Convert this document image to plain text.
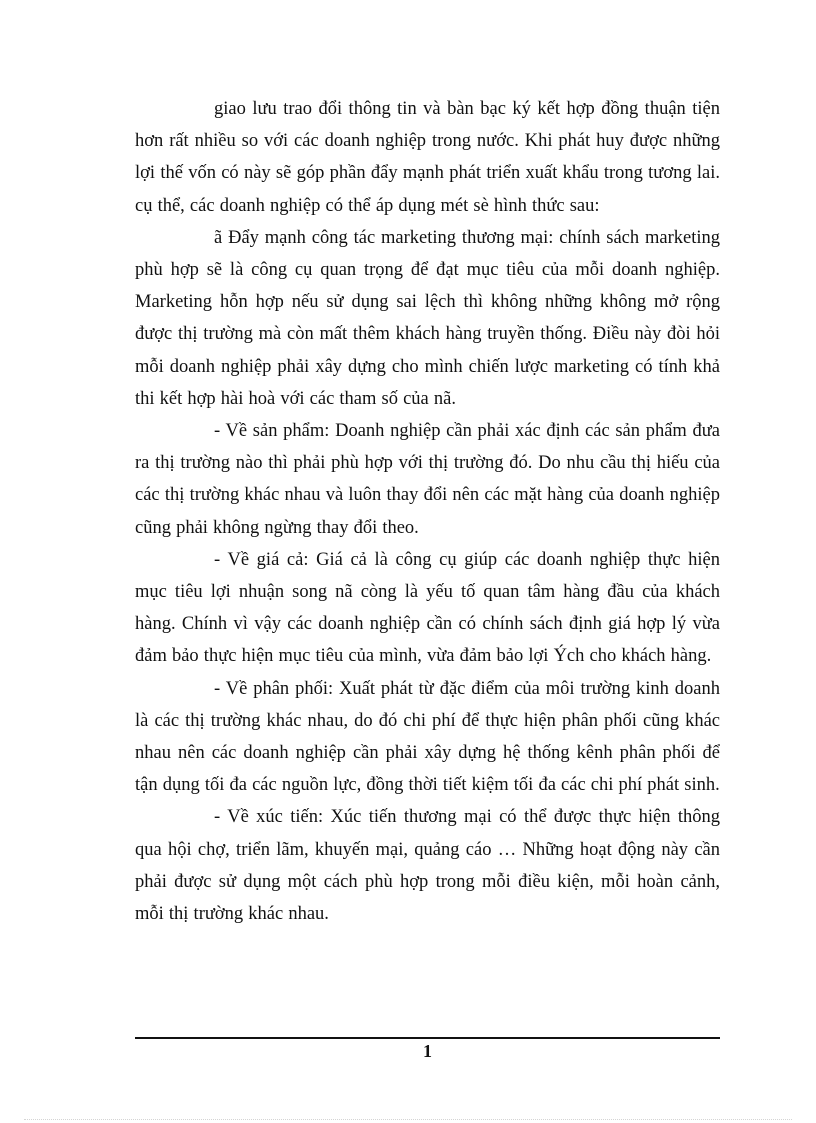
giao lưu trao đổi thông tin và bàn bạc ký kết hợp đồng thuận tiện hơn rất nhiều so với các doanh nghiệp trong nước. Khi phát huy được những lợi thế vốn có này sẽ góp phần đẩy mạnh phát triển xuất khẩu trong tương lai. cụ thể, các doanh nghiệp có thể áp dụng mét sè hình thức sau:

ã Đẩy mạnh công tác marketing thương mại: chính sách marketing phù hợp sẽ là công cụ quan trọng để đạt mục tiêu của mỗi doanh nghiệp. Marketing hỗn hợp nếu sử dụng sai lệch thì không những không mở rộng được thị trường mà còn mất thêm khách hàng truyền thống. Điều này đòi hỏi mỗi doanh nghiệp phải xây dựng cho mình chiến lược marketing có tính khả thi kết hợp hài hoà với các tham số của nã.

- Về sản phẩm: Doanh nghiệp cần phải xác định các sản phẩm đưa ra thị trường nào thì phải phù hợp với thị trường đó. Do nhu cầu thị hiếu của các thị trường khác nhau và luôn thay đổi nên các mặt hàng của doanh nghiệp cũng phải không ngừng thay đổi theo.

- Về giá cả: Giá cả là công cụ giúp các doanh nghiệp thực hiện mục tiêu lợi nhuận song nã còng là yếu tố quan tâm hàng đầu của khách hàng. Chính vì vậy các doanh nghiệp cần có chính sách định giá hợp lý vừa đảm bảo thực hiện mục tiêu của mình, vừa đảm bảo lợi Ých cho khách hàng.

- Về phân phối: Xuất phát từ đặc điểm của môi trường kinh doanh là các thị trường khác nhau, do đó chi phí để thực hiện phân phối cũng khác nhau nên các doanh nghiệp cần phải xây dựng hệ thống kênh phân phối để tận dụng tối đa các nguồn lực, đồng thời tiết kiệm tối đa các chi phí phát sinh.

- Về xúc tiến: Xúc tiến thương mại có thể được thực hiện thông qua hội chợ, triển lãm, khuyến mại, quảng cáo … Những hoạt động này cần phải được sử dụng một cách phù hợp trong mỗi điều kiện, mỗi hoàn cảnh, mỗi thị trường khác nhau.

1
